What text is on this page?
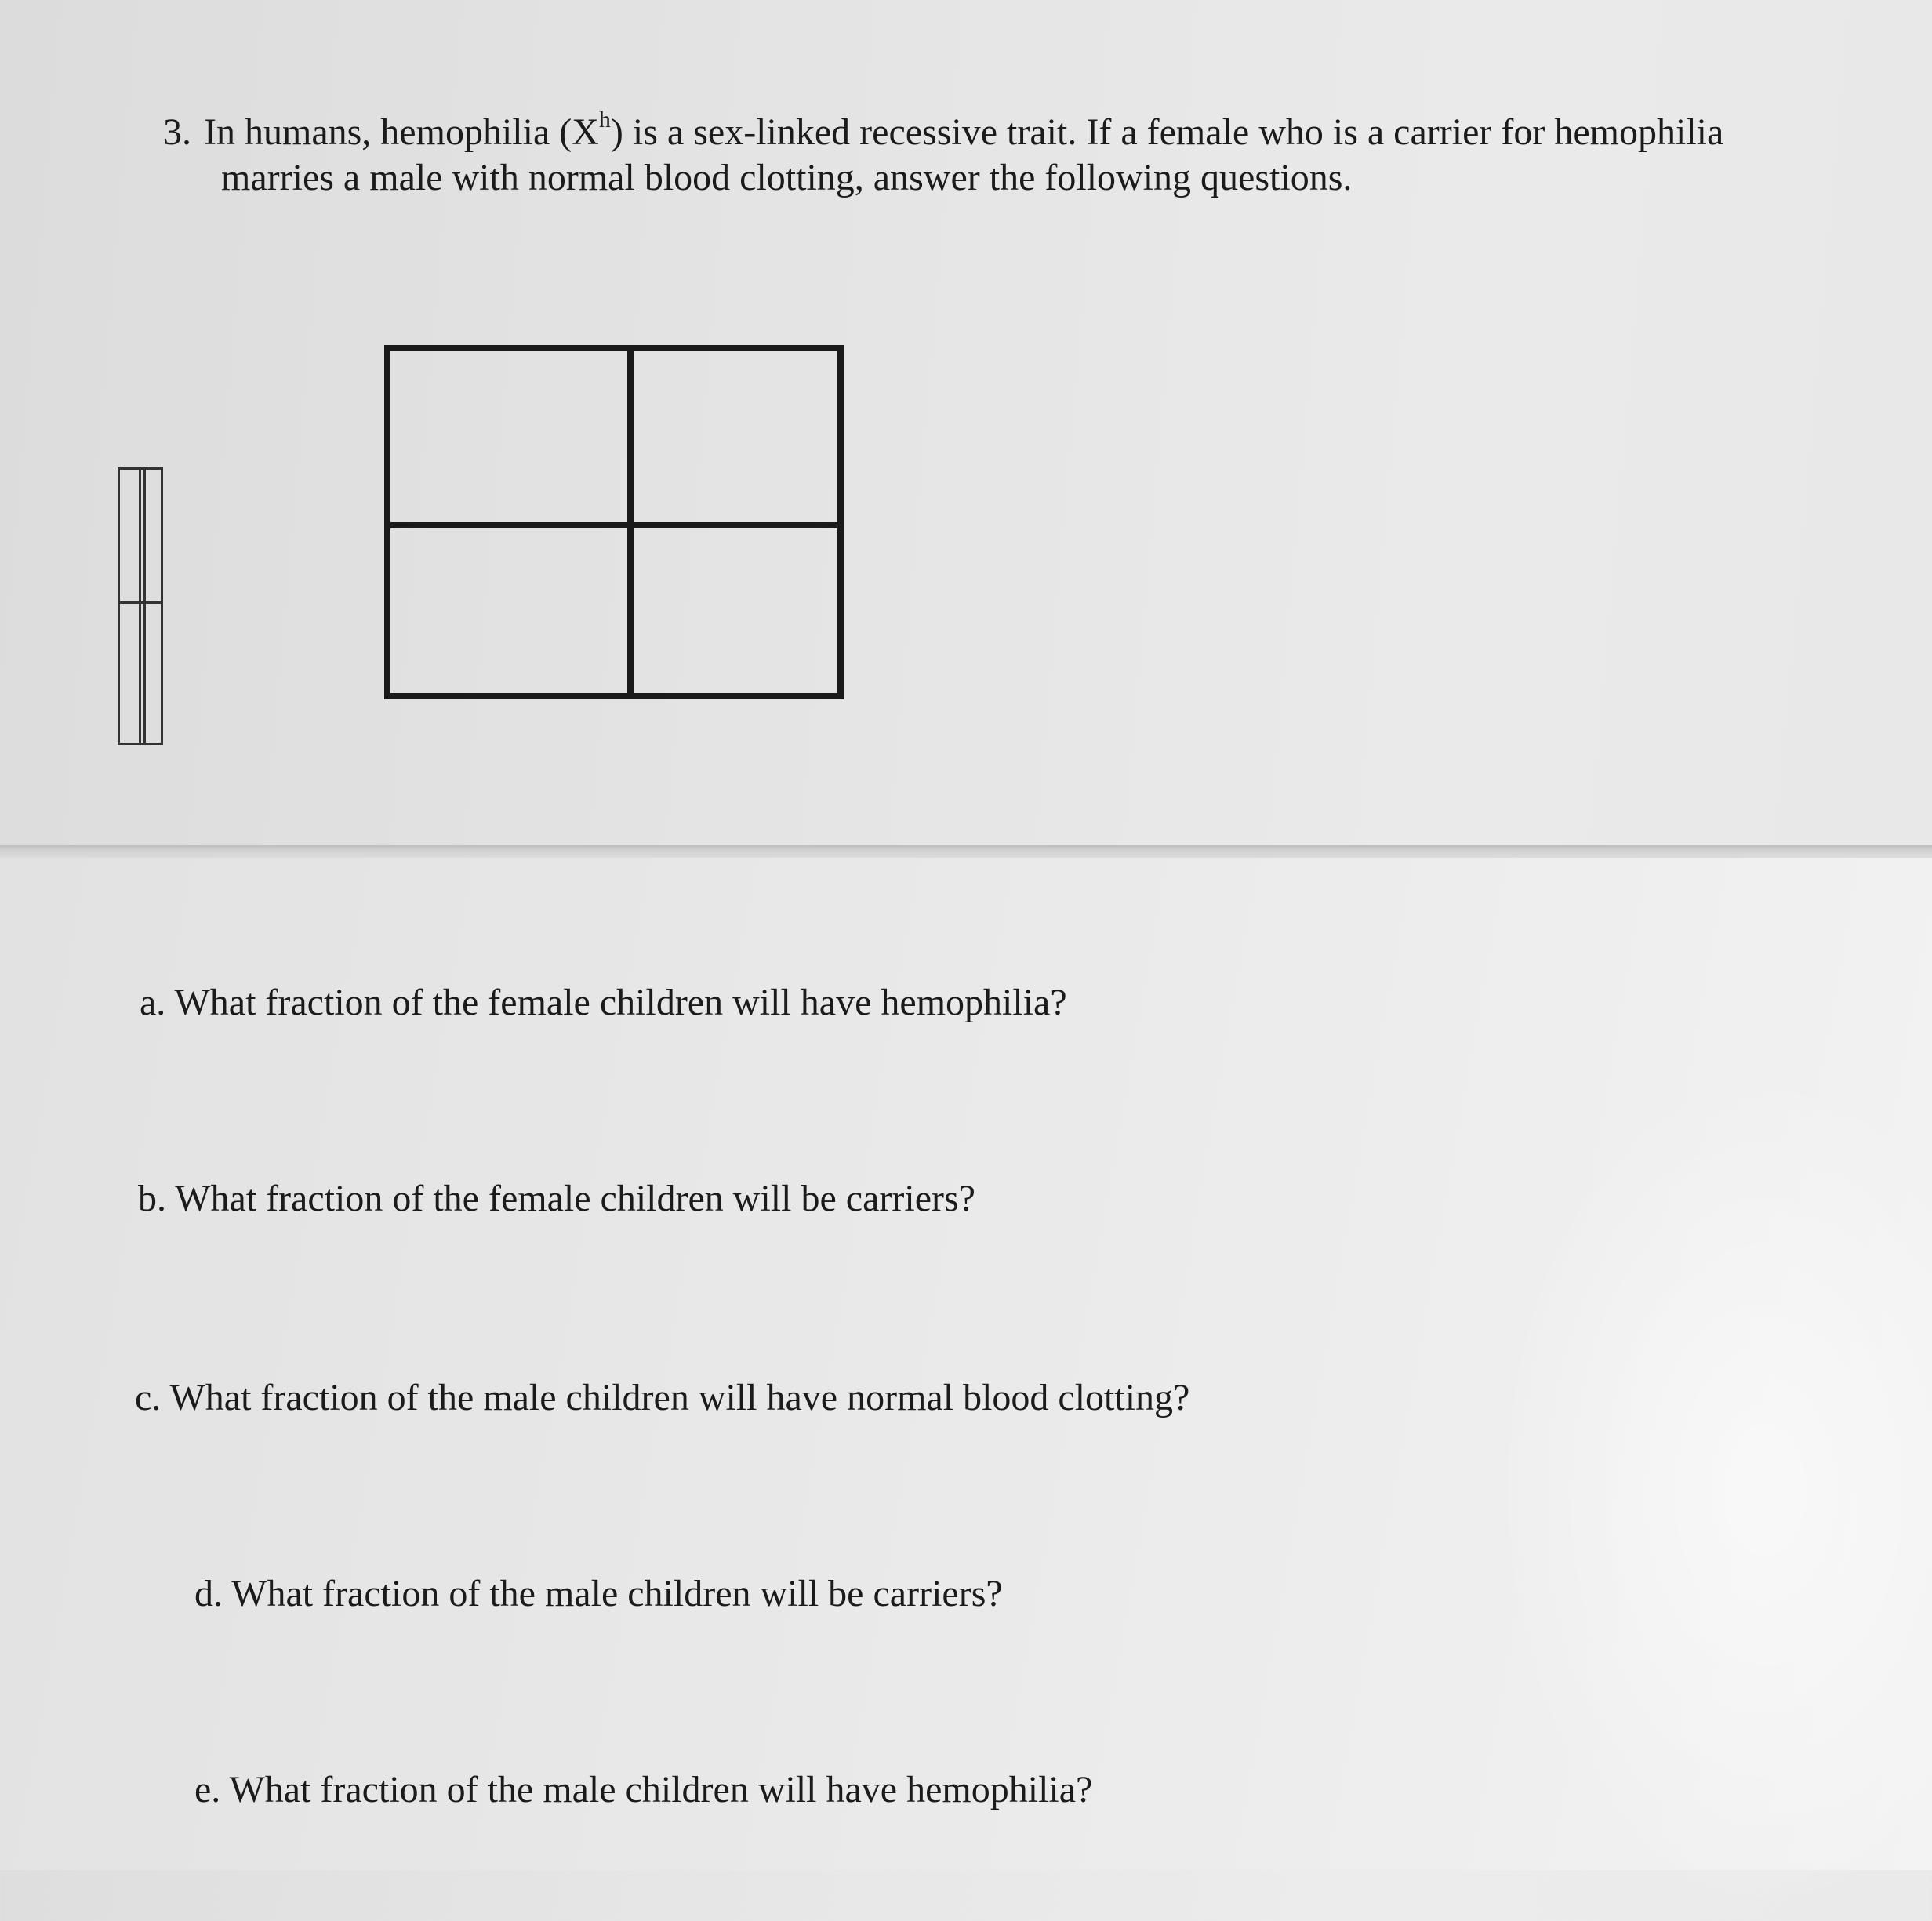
3. In humans, hemophilia $(X^h)$ is a sex-linked recessive trait. If a female who is a carrier for hemophilia
marries a male with normal blood clotting, answer the following questions.
a. What fraction of the female children will have hemophilia?
b. What fraction of the female children will be carriers?
c. What fraction of the male children will have normal blood clotting?
d. What fraction of the male children will be carriers?
e. What fraction of the male children will have hemophilia?
